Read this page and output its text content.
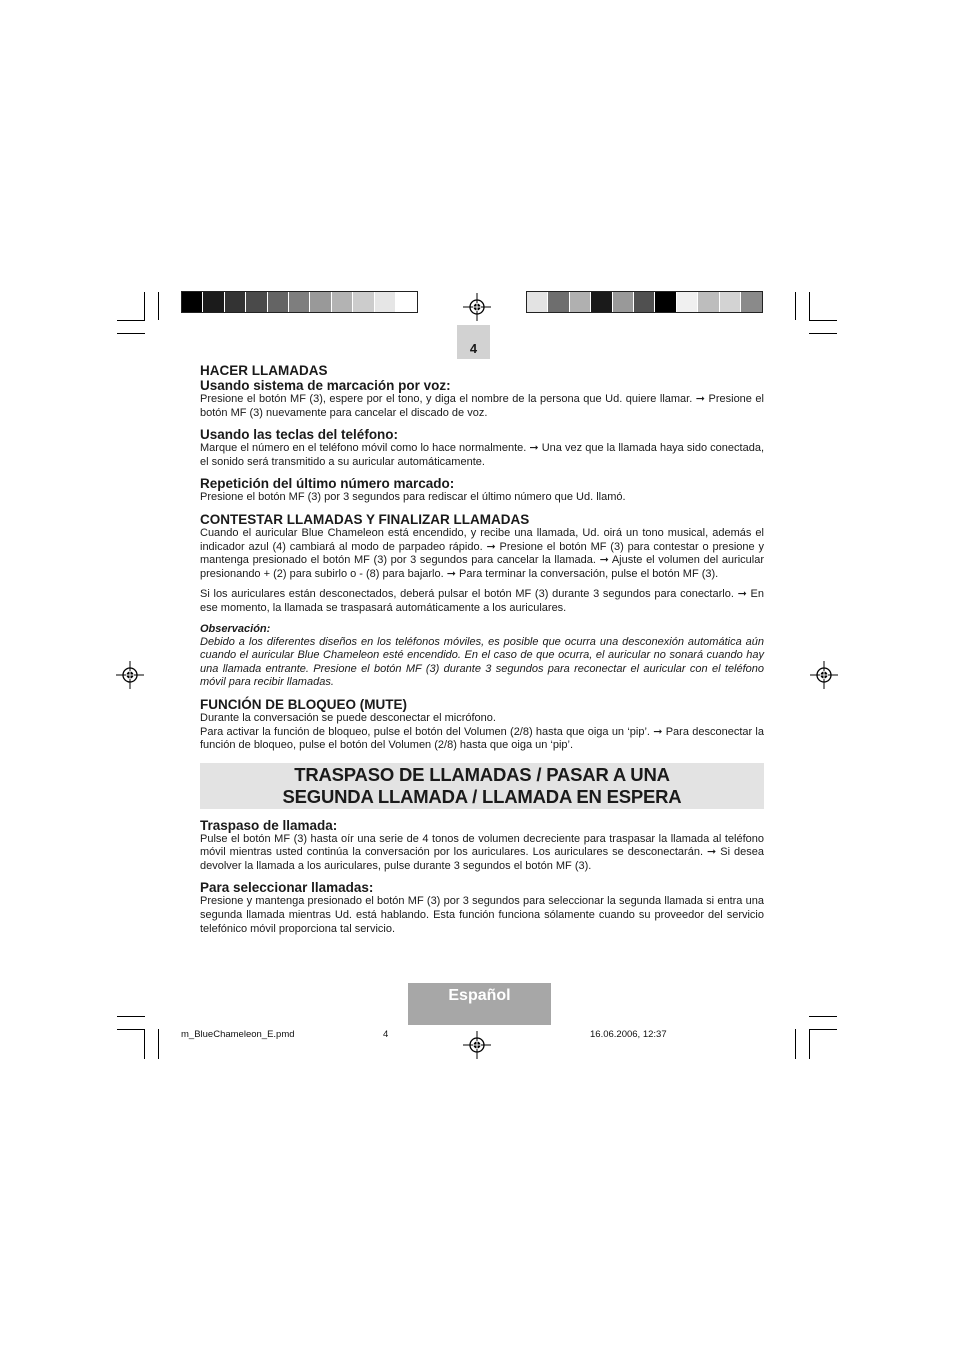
4

HACER LLAMADAS

Usando sistema de marcación por voz:

Presione el botón MF (3), espere por el tono, y diga el nombre de la persona que Ud. quiere llamar. ➞ Presione el botón MF (3) nuevamente para cancelar el discado de voz.

Usando las teclas del teléfono:

Marque el número en el teléfono móvil como lo hace normalmente. ➞ Una vez que la llamada haya sido conectada, el sonido será transmitido a su auricular automáticamente.

Repetición del último número marcado:

Presione el botón MF (3) por 3 segundos para rediscar el último número que Ud. llamó.

CONTESTAR LLAMADAS Y FINALIZAR LLAMADAS

Cuando el auricular Blue Chameleon está encendido, y recibe una llamada, Ud. oirá un tono musical, además el indicador azul (4) cambiará al modo de parpadeo rápido. ➞ Presione el botón MF (3) para contestar o presione y mantenga presionado el botón MF (3) por 3 segundos para cancelar la llamada. ➞ Ajuste el volumen del auricular presionando + (2) para subirlo o - (8) para bajarlo. ➞ Para terminar la conversación, pulse el botón MF (3).

Si los auriculares están desconectados, deberá pulsar el botón MF (3) durante 3 segundos para conectarlo. ➞ En ese momento, la llamada se traspasará automáticamente a los auriculares.

Observación:

Debido a los diferentes diseños en los teléfonos móviles, es posible que ocurra una desconexión automática aún cuando el auricular Blue Chameleon esté encendido. En el caso de que ocurra, el auricular no sonará cuando hay una llamada entrante. Presione el botón MF (3) durante 3 segundos para reconectar el auricular con el teléfono móvil para recibir llamadas.

FUNCIÓN DE BLOQUEO (MUTE)

Durante la conversación se puede desconectar el micrófono.

Para activar la función de bloqueo, pulse el botón del Volumen (2/8) hasta que oiga un ‘pip’. ➞ Para desconectar la función de bloqueo, pulse el botón del Volumen (2/8) hasta que oiga un ‘pip’.

TRASPASO DE LLAMADAS / PASAR A UNA
SEGUNDA LLAMADA / LLAMADA EN ESPERA

Traspaso de llamada:

Pulse el botón MF (3) hasta oír una serie de 4 tonos de volumen decreciente para traspasar la llamada al teléfono móvil mientras usted continúa la conversación por los auriculares. Los auriculares se desconectarán. ➞ Si desea devolver la llamada a los auriculares, pulse durante 3 segundos el botón MF (3).

Para seleccionar llamadas:

Presione y mantenga presionado el botón MF (3) por 3 segundos para seleccionar la segunda llamada si entra una segunda llamada mientras Ud. está hablando. Esta función funciona sólamente cuando su proveedor del servicio telefónico móvil proporciona tal servicio.

Español
m_BlueChameleon_E.pmd	4	16.06.2006, 12:37
